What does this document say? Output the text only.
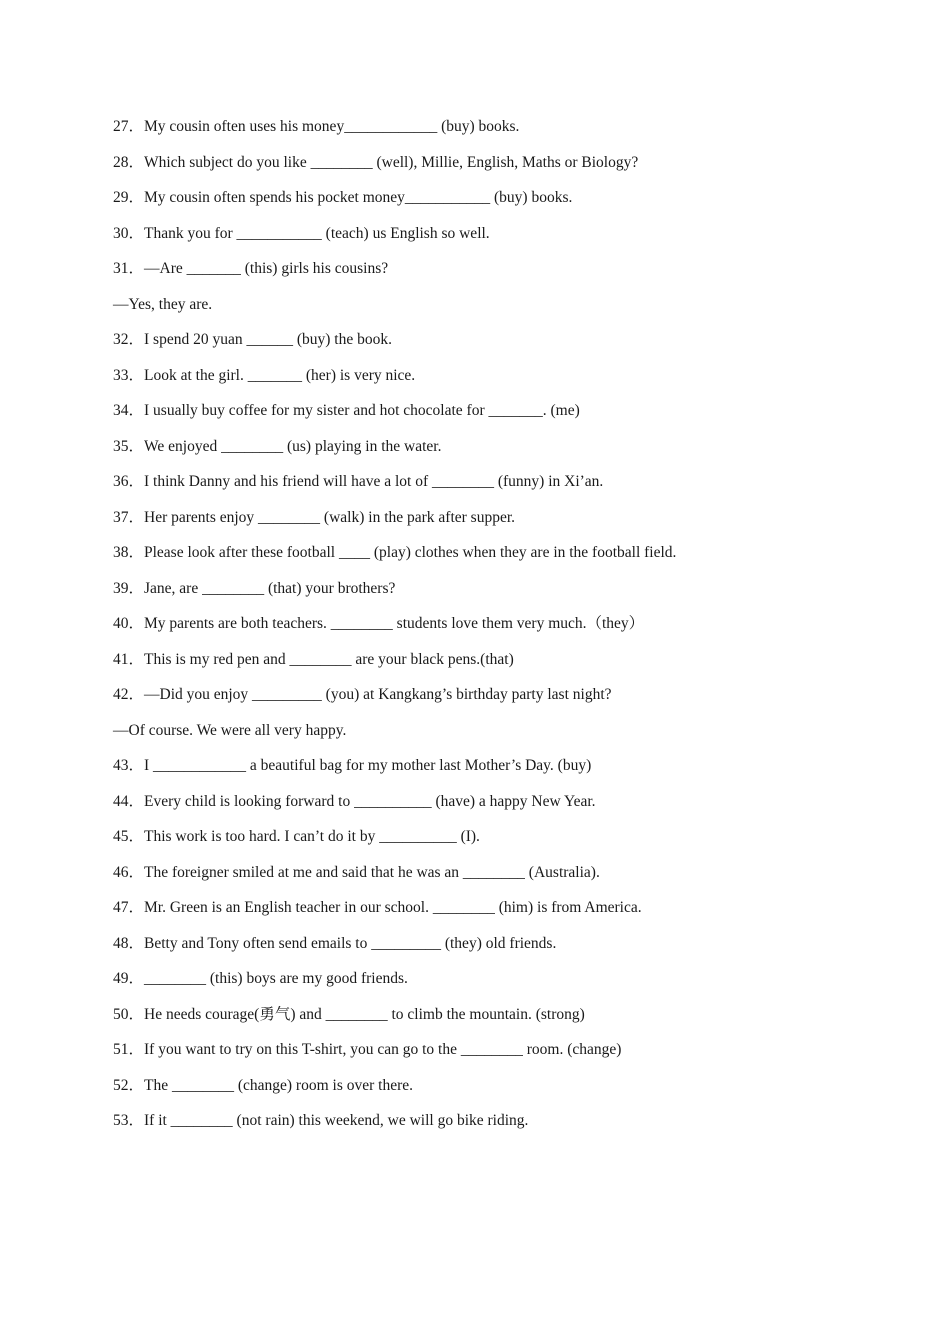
27．My cousin often uses his money____________ (buy) books.
28．Which subject do you like ________ (well), Millie, English, Maths or Biology?
29．My cousin often spends his pocket money___________ (buy) books.
30．Thank you for ___________ (teach) us English so well.
31．—Are _______ (this) girls his cousins?
—Yes, they are.
32．I spend 20 yuan ______ (buy) the book.
33．Look at the girl. _______ (her) is very nice.
34．I usually buy coffee for my sister and hot chocolate for _______. (me)
35．We enjoyed ________ (us) playing in the water.
36．I think Danny and his friend will have a lot of ________ (funny) in Xi’an.
37．Her parents enjoy ________ (walk) in the park after supper.
38．Please look after these football ____ (play) clothes when they are in the football field.
39．Jane, are ________ (that) your brothers?
40．My parents are both teachers. ________ students love them very much.（they）
41．This is my red pen and ________ are your black pens.(that)
42．—Did you enjoy _________ (you) at Kangkang’s birthday party last night?
—Of course. We were all very happy.
43．I ____________ a beautiful bag for my mother last Mother’s Day. (buy)
44．Every child is looking forward to __________ (have) a happy New Year.
45．This work is too hard. I can’t do it by __________ (I).
46．The foreigner smiled at me and said that he was an ________ (Australia).
47．Mr. Green is an English teacher in our school. ________ (him) is from America.
48．Betty and Tony often send emails to _________ (they) old friends.
49．________ (this) boys are my good friends.
50．He needs courage(勇气) and ________ to climb the mountain. (strong)
51．If you want to try on this T-shirt, you can go to the ________ room. (change)
52．The ________ (change) room is over there.
53．If it ________ (not rain) this weekend, we will go bike riding.
